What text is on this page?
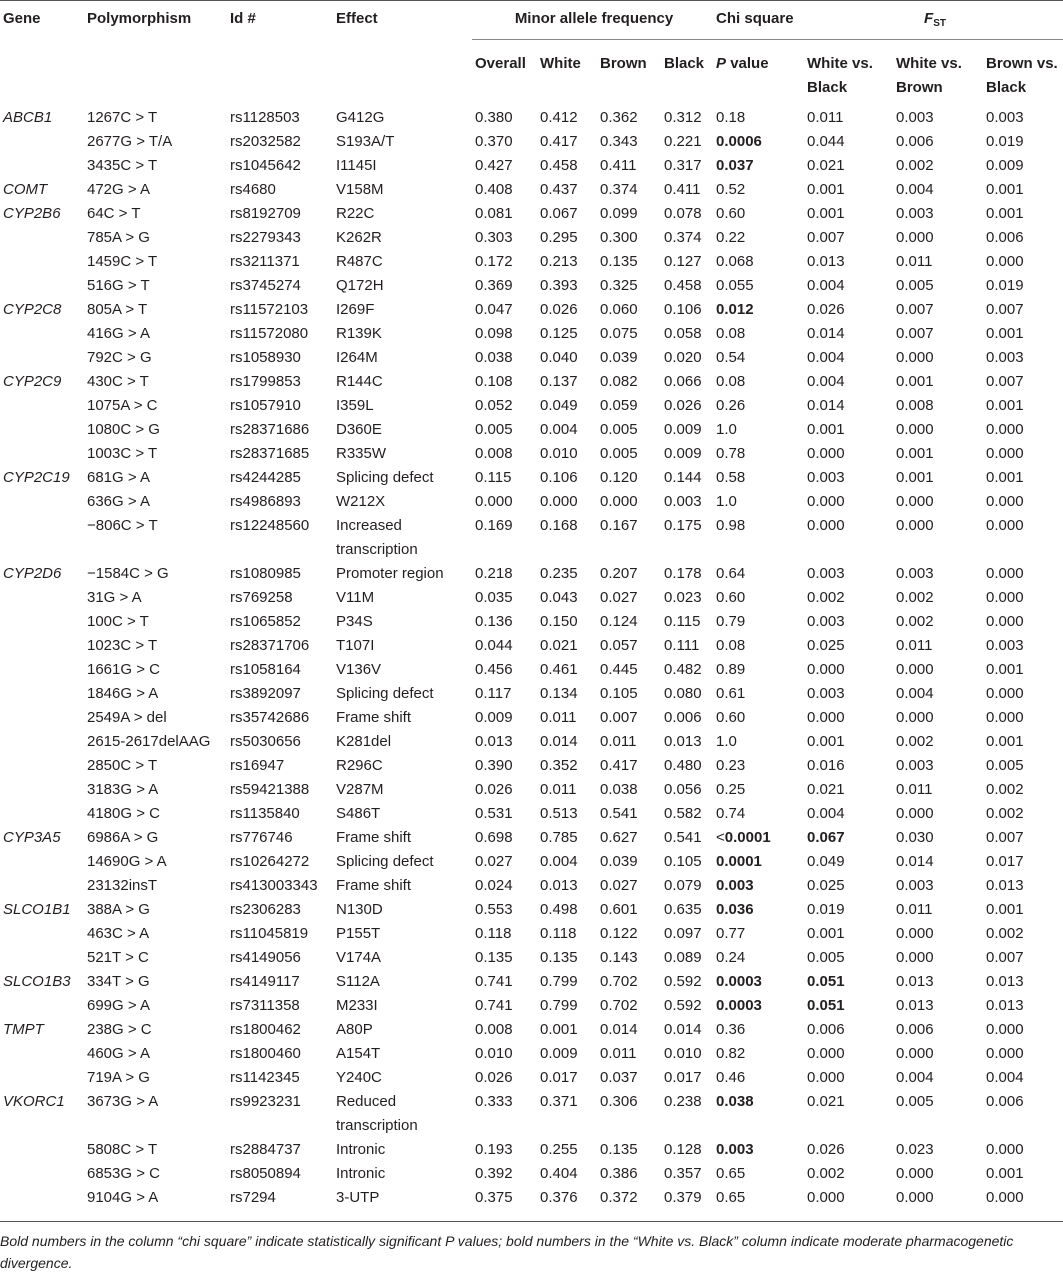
Gene	Polymorphism	Id #	Effect	Minor allele frequency				Chi square	$F_{ST}$
				Overall	White	Brown	Black	P value	White vs. Black	White vs. Brown	Brown vs. Black
ABCB1	1267C > T	rs1128503	G412G	0.380	0.412	0.362	0.312	0.18	0.011	0.003	0.003
	2677G > T/A	rs2032582	S193A/T	0.370	0.417	0.343	0.221	0.0006	0.044	0.006	0.019
	3435C > T	rs1045642	I1145I	0.427	0.458	0.411	0.317	0.037	0.021	0.002	0.009
COMT	472G > A	rs4680	V158M	0.408	0.437	0.374	0.411	0.52	0.001	0.004	0.001
CYP2B6	64C > T	rs8192709	R22C	0.081	0.067	0.099	0.078	0.60	0.001	0.003	0.001
	785A > G	rs2279343	K262R	0.303	0.295	0.300	0.374	0.22	0.007	0.000	0.006
	1459C > T	rs3211371	R487C	0.172	0.213	0.135	0.127	0.068	0.013	0.011	0.000
	516G > T	rs3745274	Q172H	0.369	0.393	0.325	0.458	0.055	0.004	0.005	0.019
CYP2C8	805A > T	rs11572103	I269F	0.047	0.026	0.060	0.106	0.012	0.026	0.007	0.007
	416G > A	rs11572080	R139K	0.098	0.125	0.075	0.058	0.08	0.014	0.007	0.001
	792C > G	rs1058930	I264M	0.038	0.040	0.039	0.020	0.54	0.004	0.000	0.003
CYP2C9	430C > T	rs1799853	R144C	0.108	0.137	0.082	0.066	0.08	0.004	0.001	0.007
	1075A > C	rs1057910	I359L	0.052	0.049	0.059	0.026	0.26	0.014	0.008	0.001
	1080C > G	rs28371686	D360E	0.005	0.004	0.005	0.009	1.0	0.001	0.000	0.000
	1003C > T	rs28371685	R335W	0.008	0.010	0.005	0.009	0.78	0.000	0.001	0.000
CYP2C19	681G > A	rs4244285	Splicing defect	0.115	0.106	0.120	0.144	0.58	0.003	0.001	0.001
	636G > A	rs4986893	W212X	0.000	0.000	0.000	0.003	1.0	0.000	0.000	0.000
	−806C > T	rs12248560	Increased transcription	0.169	0.168	0.167	0.175	0.98	0.000	0.000	0.000
CYP2D6	−1584C > G	rs1080985	Promoter region	0.218	0.235	0.207	0.178	0.64	0.003	0.003	0.000
	31G > A	rs769258	V11M	0.035	0.043	0.027	0.023	0.60	0.002	0.002	0.000
	100C > T	rs1065852	P34S	0.136	0.150	0.124	0.115	0.79	0.003	0.002	0.000
	1023C > T	rs28371706	T107I	0.044	0.021	0.057	0.111	0.08	0.025	0.011	0.003
	1661G > C	rs1058164	V136V	0.456	0.461	0.445	0.482	0.89	0.000	0.000	0.001
	1846G > A	rs3892097	Splicing defect	0.117	0.134	0.105	0.080	0.61	0.003	0.004	0.000
	2549A > del	rs35742686	Frame shift	0.009	0.011	0.007	0.006	0.60	0.000	0.000	0.000
	2615-2617delAAG	rs5030656	K281del	0.013	0.014	0.011	0.013	1.0	0.001	0.002	0.001
	2850C > T	rs16947	R296C	0.390	0.352	0.417	0.480	0.23	0.016	0.003	0.005
	3183G > A	rs59421388	V287M	0.026	0.011	0.038	0.056	0.25	0.021	0.011	0.002
	4180G > C	rs1135840	S486T	0.531	0.513	0.541	0.582	0.74	0.004	0.000	0.002
CYP3A5	6986A > G	rs776746	Frame shift	0.698	0.785	0.627	0.541	<0.0001	0.067	0.030	0.007
	14690G > A	rs10264272	Splicing defect	0.027	0.004	0.039	0.105	0.0001	0.049	0.014	0.017
	23132insT	rs413003343	Frame shift	0.024	0.013	0.027	0.079	0.003	0.025	0.003	0.013
SLCO1B1	388A > G	rs2306283	N130D	0.553	0.498	0.601	0.635	0.036	0.019	0.011	0.001
	463C > A	rs11045819	P155T	0.118	0.118	0.122	0.097	0.77	0.001	0.000	0.002
	521T > C	rs4149056	V174A	0.135	0.135	0.143	0.089	0.24	0.005	0.000	0.007
SLCO1B3	334T > G	rs4149117	S112A	0.741	0.799	0.702	0.592	0.0003	0.051	0.013	0.013
	699G > A	rs7311358	M233I	0.741	0.799	0.702	0.592	0.0003	0.051	0.013	0.013
TMPT	238G > C	rs1800462	A80P	0.008	0.001	0.014	0.014	0.36	0.006	0.006	0.000
	460G > A	rs1800460	A154T	0.010	0.009	0.011	0.010	0.82	0.000	0.000	0.000
	719A > G	rs1142345	Y240C	0.026	0.017	0.037	0.017	0.46	0.000	0.004	0.004
VKORC1	3673G > A	rs9923231	Reduced transcription	0.333	0.371	0.306	0.238	0.038	0.021	0.005	0.006
	5808C > T	rs2884737	Intronic	0.193	0.255	0.135	0.128	0.003	0.026	0.023	0.000
	6853G > C	rs8050894	Intronic	0.392	0.404	0.386	0.357	0.65	0.002	0.000	0.001
	9104G > A	rs7294	3-UTP	0.375	0.376	0.372	0.379	0.65	0.000	0.000	0.000
Bold numbers in the column “chi square” indicate statistically significant P values; bold numbers in the “White vs. Black” column indicate moderate pharmacogenetic divergence.
